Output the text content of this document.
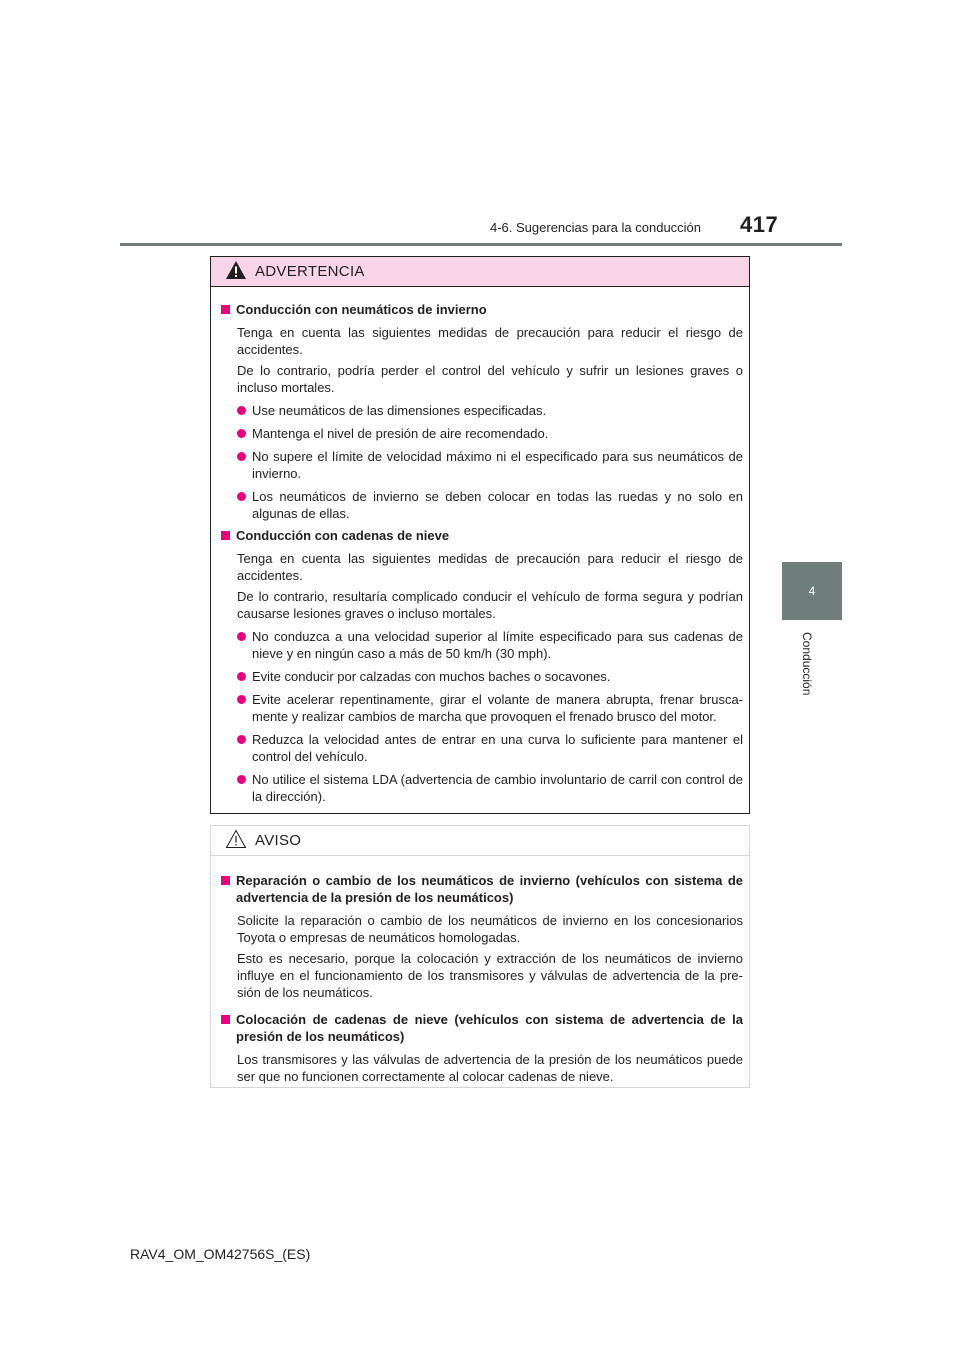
4-6. Sugerencias para la conducción 417
4
Conducción
ADVERTENCIA
Conducción con neumáticos de invierno
Tenga en cuenta las siguientes medidas de precaución para reducir el riesgo de accidentes.
De lo contrario, podría perder el control del vehículo y sufrir un lesiones graves o incluso mortales.
Use neumáticos de las dimensiones especificadas.
Mantenga el nivel de presión de aire recomendado.
No supere el límite de velocidad máximo ni el especificado para sus neumáticos de invierno.
Los neumáticos de invierno se deben colocar en todas las ruedas y no solo en algunas de ellas.
Conducción con cadenas de nieve
Tenga en cuenta las siguientes medidas de precaución para reducir el riesgo de accidentes.
De lo contrario, resultaría complicado conducir el vehículo de forma segura y podrían causarse lesiones graves o incluso mortales.
No conduzca a una velocidad superior al límite especificado para sus cadenas de nieve y en ningún caso a más de 50 km/h (30 mph).
Evite conducir por calzadas con muchos baches o socavones.
Evite acelerar repentinamente, girar el volante de manera abrupta, frenar brusca-mente y realizar cambios de marcha que provoquen el frenado brusco del motor.
Reduzca la velocidad antes de entrar en una curva lo suficiente para mantener el control del vehículo.
No utilice el sistema LDA (advertencia de cambio involuntario de carril con control de la dirección).
AVISO
Reparación o cambio de los neumáticos de invierno (vehículos con sistema de advertencia de la presión de los neumáticos)
Solicite la reparación o cambio de los neumáticos de invierno en los concesionarios Toyota o empresas de neumáticos homologadas.
Esto es necesario, porque la colocación y extracción de los neumáticos de invierno influye en el funcionamiento de los transmisores y válvulas de advertencia de la pre-sión de los neumáticos.
Colocación de cadenas de nieve (vehículos con sistema de advertencia de la presión de los neumáticos)
Los transmisores y las válvulas de advertencia de la presión de los neumáticos puede ser que no funcionen correctamente al colocar cadenas de nieve.
RAV4_OM_OM42756S_(ES)
